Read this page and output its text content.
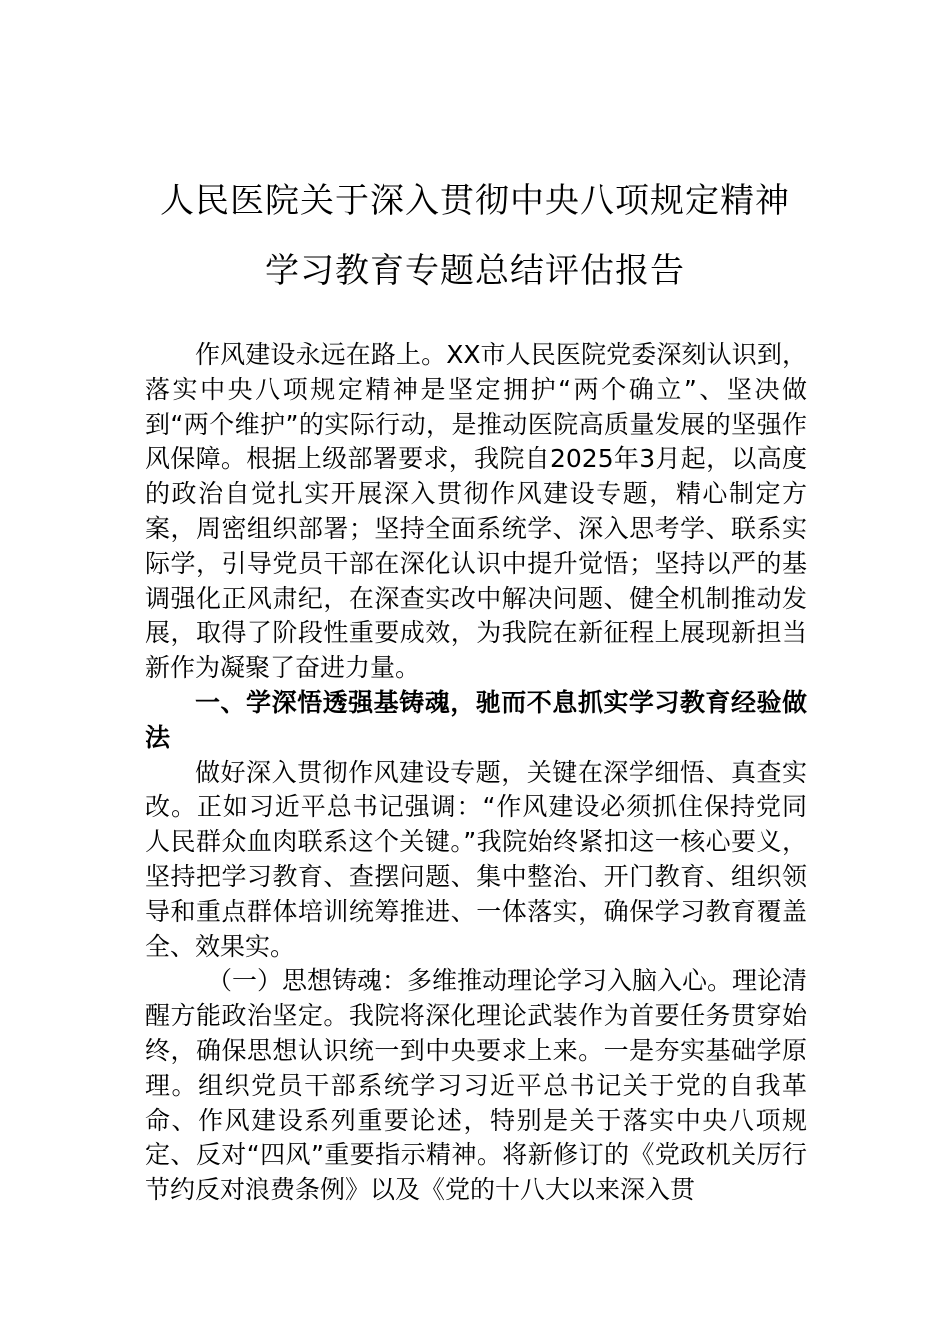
人民医院关于深入贯彻中央八项规定精神
学习教育专题总结评估报告

作风建设永远在路上。XX市人民医院党委深刻认识到，落实中央八项规定精神是坚定拥护“两个确立”、坚决做到“两个维护”的实际行动，是推动医院高质量发展的坚强作风保障。根据上级部署要求，我院自2025年3月起，以高度的政治自觉扎实开展深入贯彻作风建设专题，精心制定方案，周密组织部署；坚持全面系统学、深入思考学、联系实际学，引导党员干部在深化认识中提升觉悟；坚持以严的基调强化正风肃纪，在深查实改中解决问题、健全机制推动发展，取得了阶段性重要成效，为我院在新征程上展现新担当新作为凝聚了奋进力量。

一、学深悟透强基铸魂，驰而不息抓实学习教育经验做法

做好深入贯彻作风建设专题，关键在深学细悟、真查实改。正如习近平总书记强调：“作风建设必须抓住保持党同人民群众血肉联系这个关键。”我院始终紧扣这一核心要义，坚持把学习教育、查摆问题、集中整治、开门教育、组织领导和重点群体培训统筹推进、一体落实，确保学习教育覆盖全、效果实。

（一）思想铸魂：多维推动理论学习入脑入心。理论清醒方能政治坚定。我院将深化理论武装作为首要任务贯穿始终，确保思想认识统一到中央要求上来。一是夯实基础学原理。组织党员干部系统学习习近平总书记关于党的自我革命、作风建设系列重要论述，特别是关于落实中央八项规定、反对“四风”重要指示精神。将新修订的《党政机关厉行节约反对浪费条例》以及《党的十八大以来深入贯
